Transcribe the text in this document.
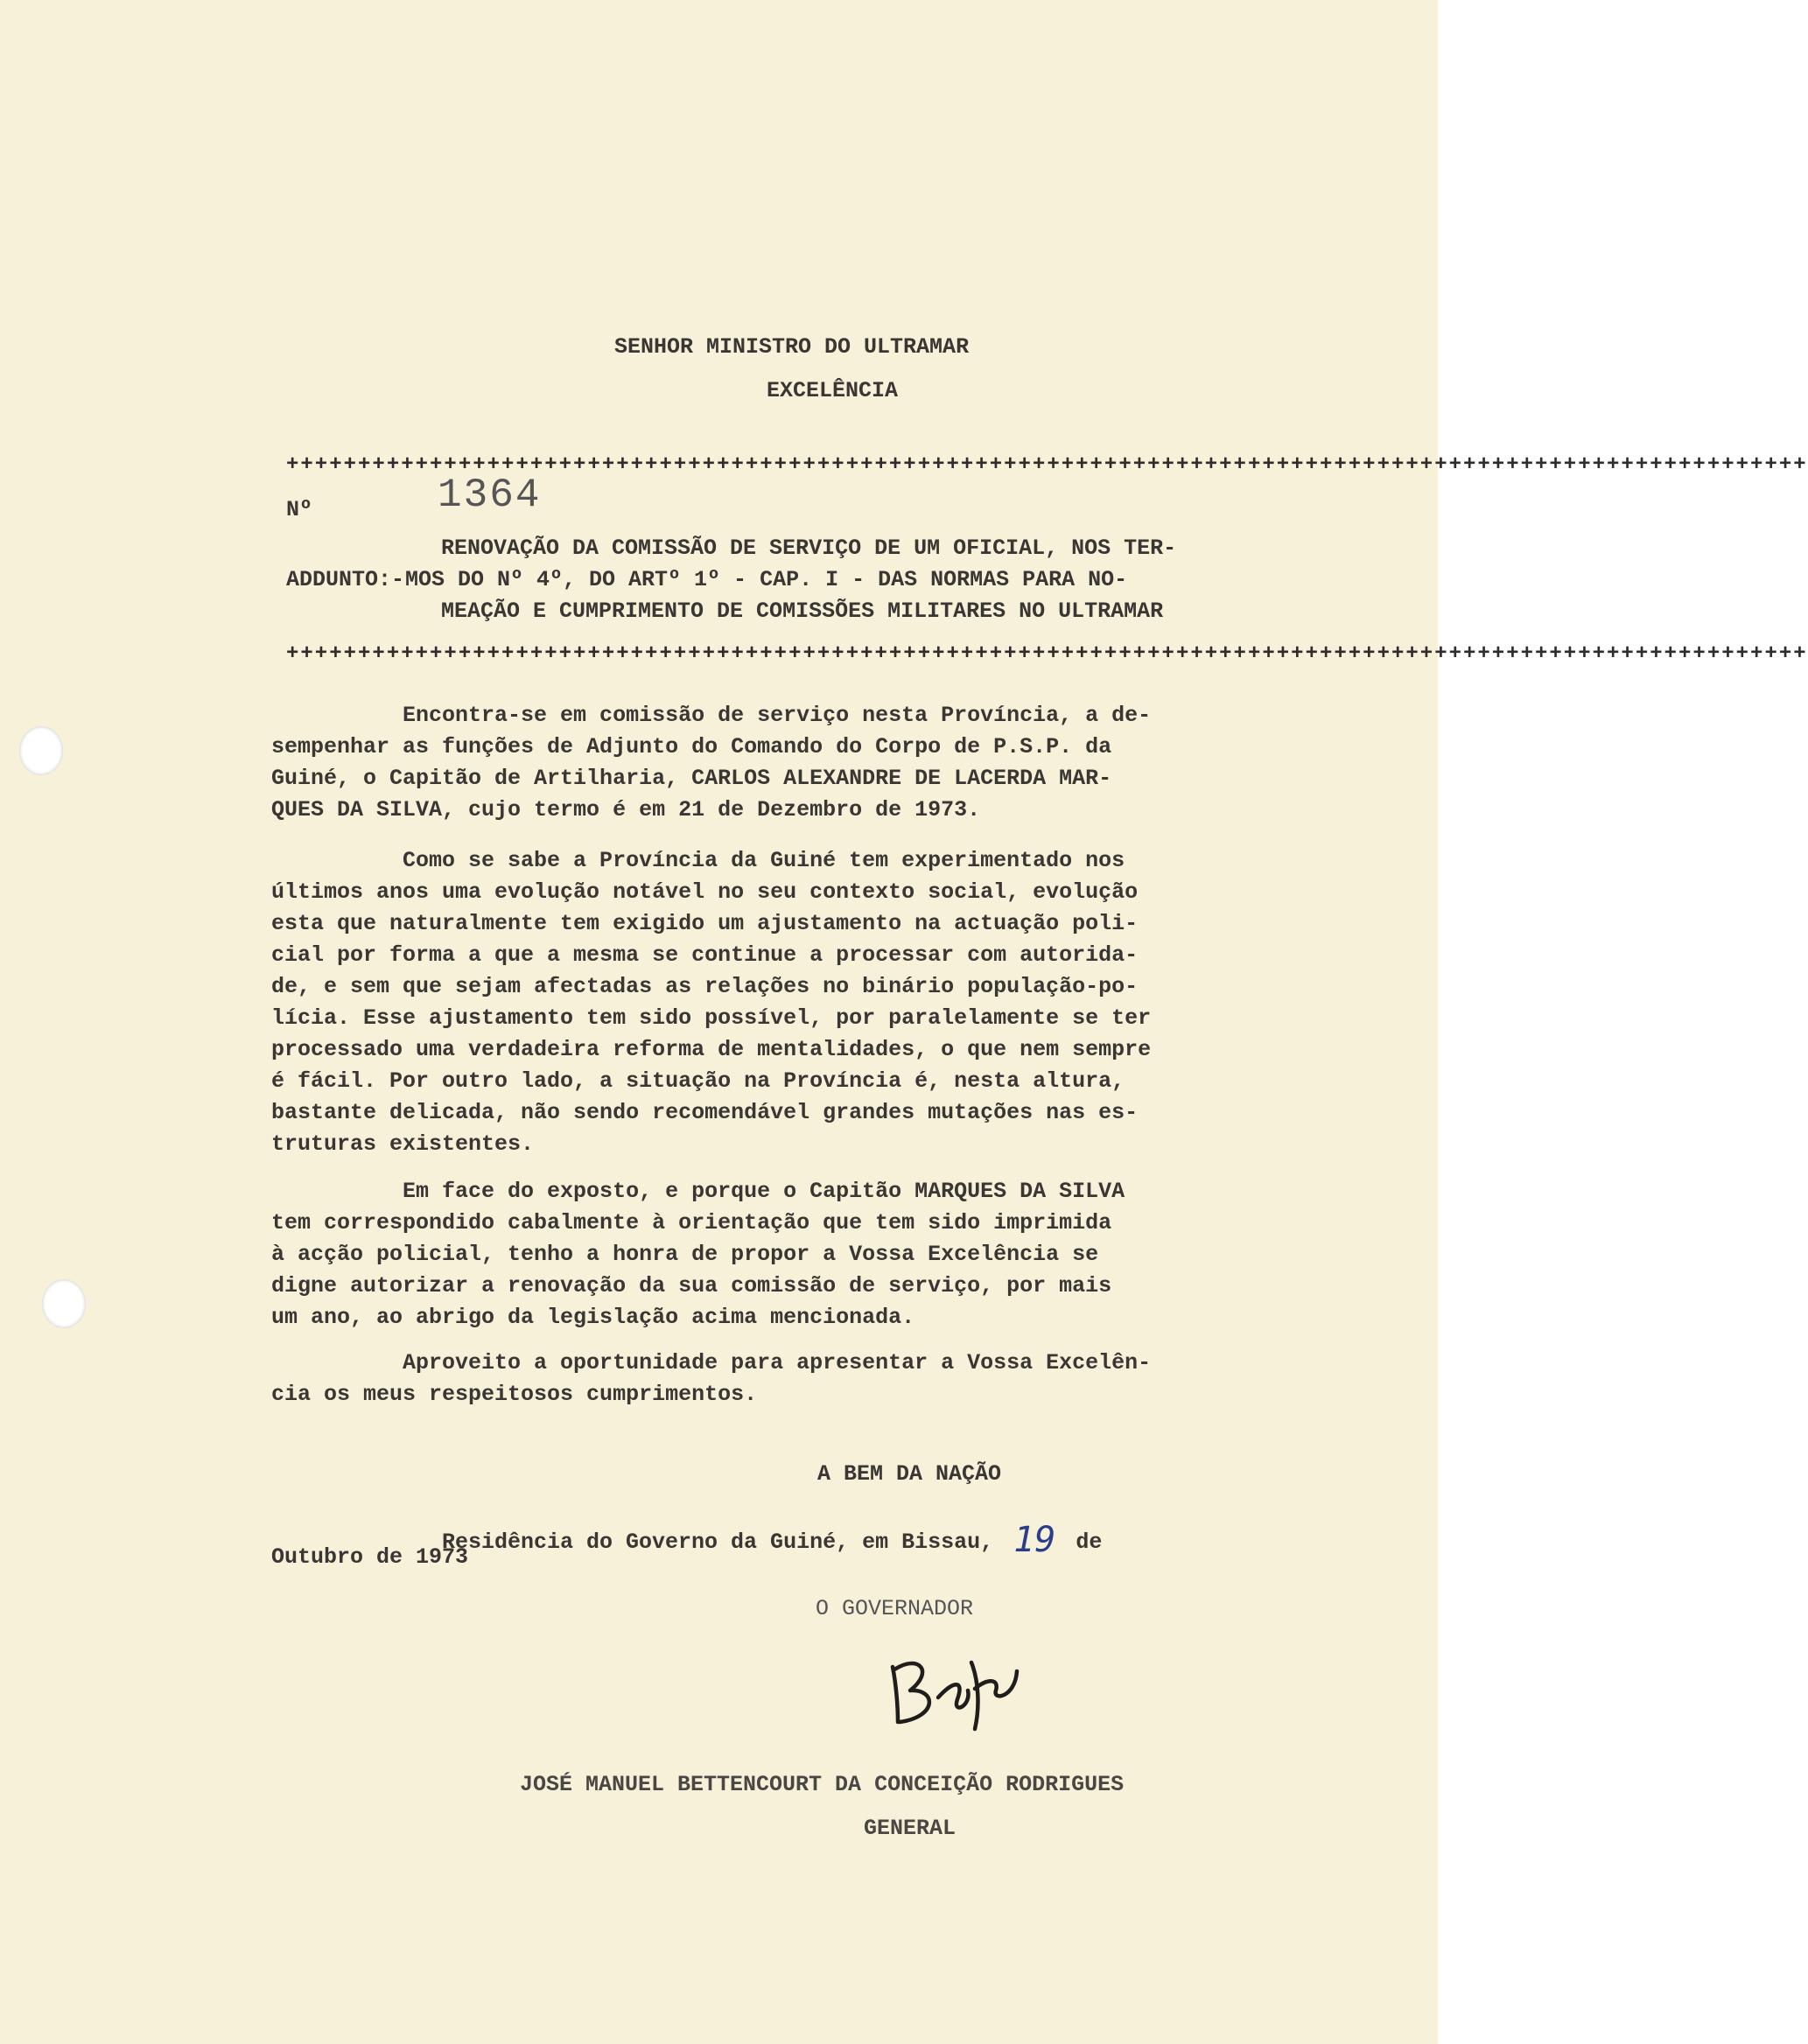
SENHOR MINISTRO DO ULTRAMAR
EXCELÊNCIA
++++++++++++++++++++++++++++++++++++++++++++++++++++++++++++++++++++++++++++++++++++++++++++++++++++++++++
Nº	1364
RENOVAÇÃO DA COMISSÃO DE SERVIÇO DE UM OFICIAL, NOS TER-
ADDUNTO:- MOS DO Nº 4º, DO ARTº 1º - CAP. I - DAS NORMAS PARA NO-
MEAÇÃO E CUMPRIMENTO DE COMISSÕES MILITARES NO ULTRAMAR
++++++++++++++++++++++++++++++++++++++++++++++++++++++++++++++++++++++++++++++++++++++++++++++++++++++++++
Encontra-se em comissão de serviço nesta Província, a de-
sempenhar as funções de Adjunto do Comando do Corpo de P.S.P. da
Guiné, o Capitão de Artilharia, CARLOS ALEXANDRE DE LACERDA MAR-
QUES DA SILVA, cujo termo é em 21 de Dezembro de 1973.
Como se sabe a Província da Guiné tem experimentado nos
últimos anos uma evolução notável no seu contexto social, evolução
esta que naturalmente tem exigido um ajustamento na actuação poli-
cial por forma a que a mesma se continue a processar com autorida-
de, e sem que sejam afectadas as relações no binário população-po-
lícia. Esse ajustamento tem sido possível, por paralelamente se ter
processado uma verdadeira reforma de mentalidades, o que nem sempre
é fácil. Por outro lado, a situação na Província é, nesta altura,
bastante delicada, não sendo recomendável grandes mutações nas es-
truturas existentes.
Em face do exposto, e porque o Capitão MARQUES DA SILVA
tem correspondido cabalmente à orientação que tem sido imprimida
à acção policial, tenho a honra de propor a Vossa Excelência se
digne autorizar a renovação da sua comissão de serviço, por mais
um ano, ao abrigo da legislação acima mencionada.
Aproveito a oportunidade para apresentar a Vossa Excelên-
cia os meus respeitosos cumprimentos.
A BEM DA NAÇÃO
Residência do Governo da Guiné, em Bissau, 19 de
Outubro de 1973
O GOVERNADOR
JOSÉ MANUEL BETTENCOURT DA CONCEIÇÃO RODRIGUES
GENERAL
